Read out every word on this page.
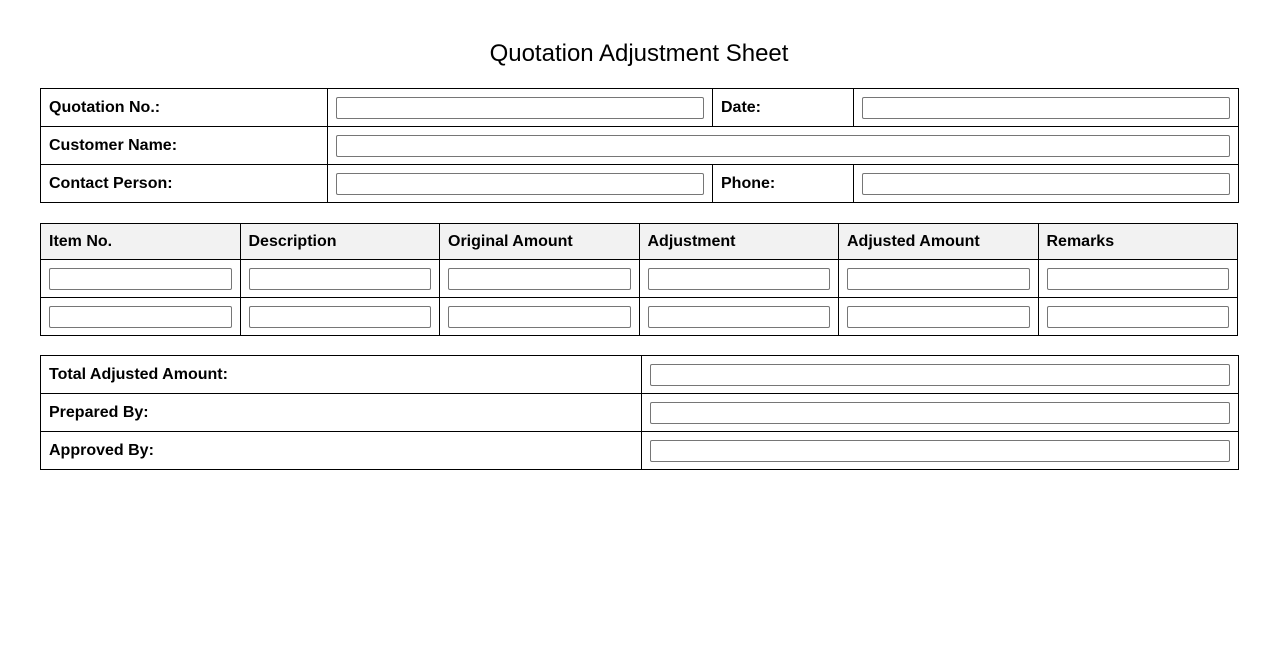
Quotation Adjustment Sheet
Quotation No.:		Date:	

Customer Name:	

Contact Person:		Phone:	
Item No.	Description	Original Amount	Adjustment	Adjusted Amount	Remarks

Total Adjusted Amount:	

Prepared By:	

Approved By:	
